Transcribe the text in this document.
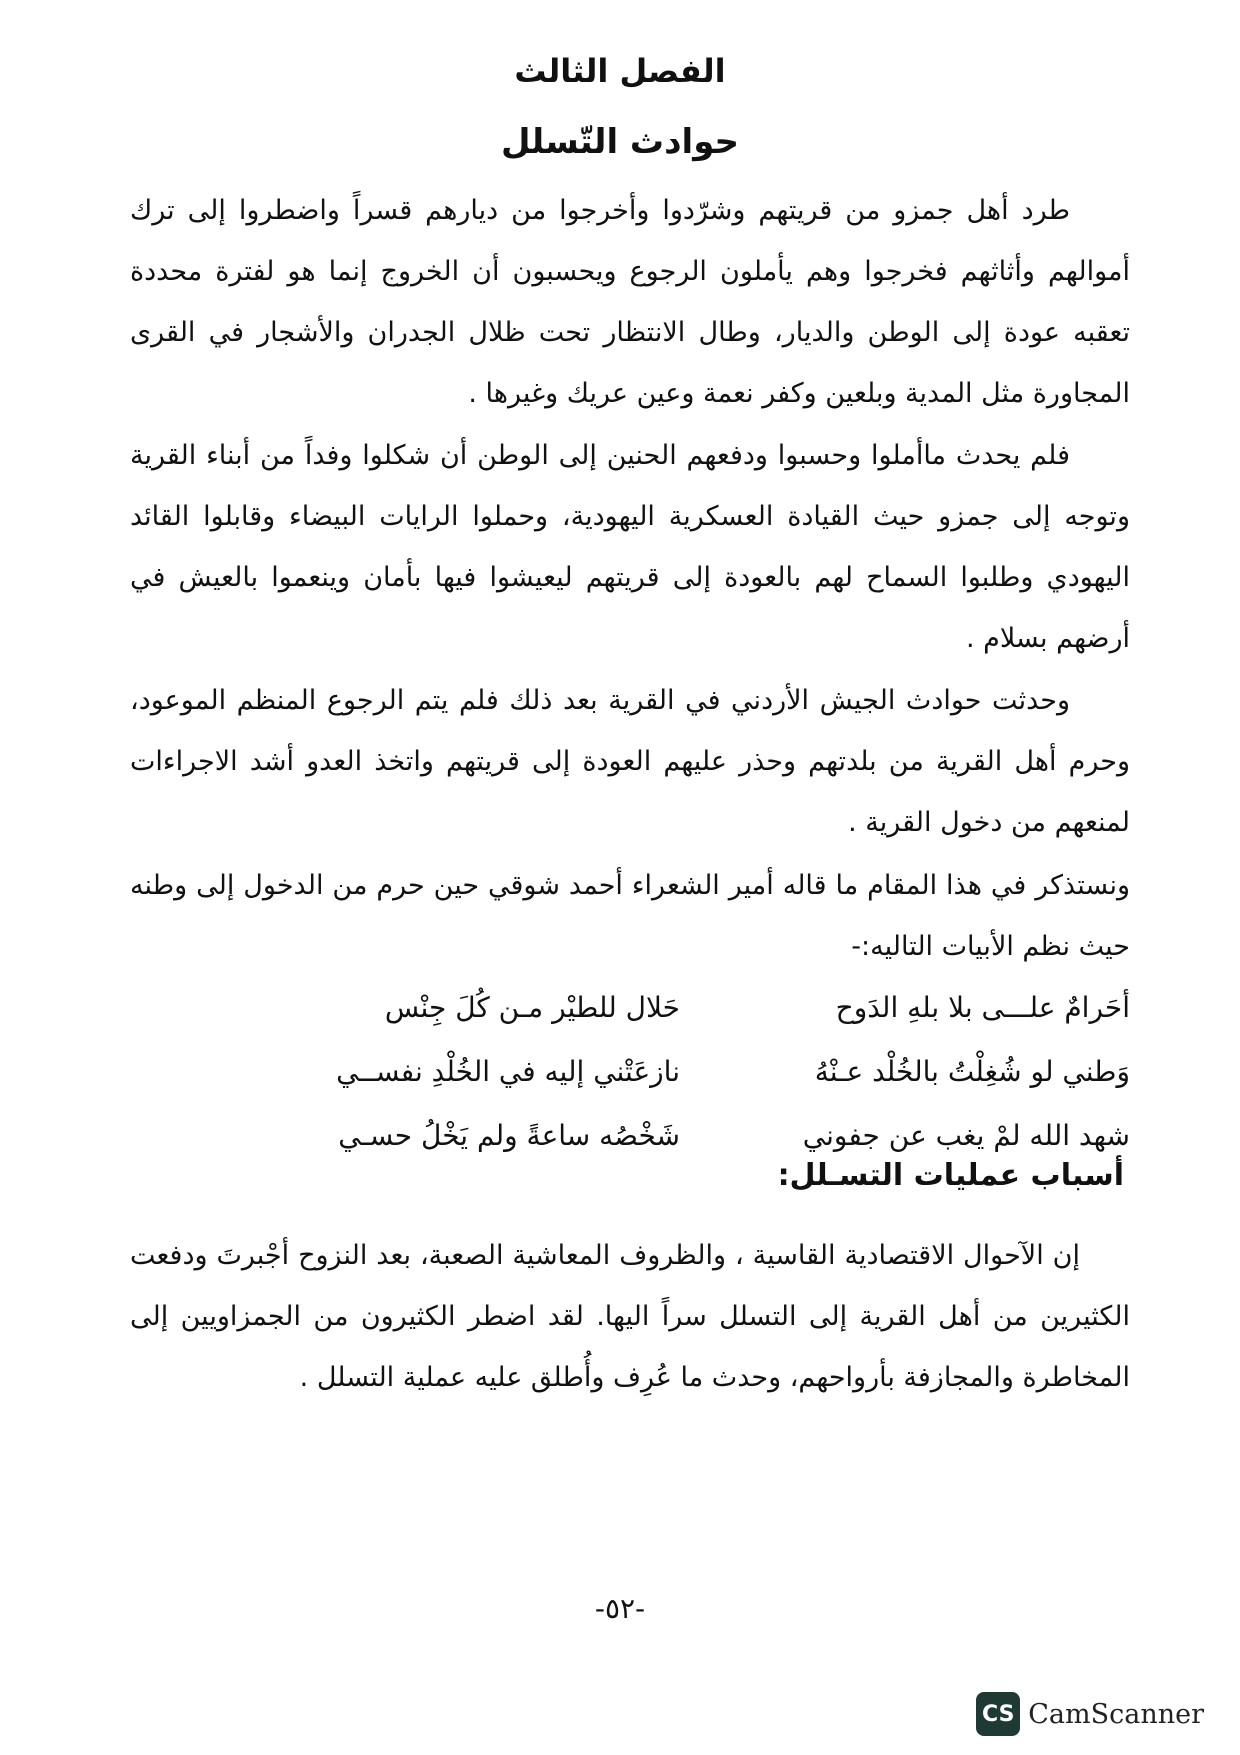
الفصل الثالث
حوادث التّسلل

طرد أهل جمزو من قريتهم وشرّدوا وأخرجوا من ديارهم قسراً واضطروا إلى ترك أموالهم وأثاثهم فخرجوا وهم يأملون الرجوع ويحسبون أن الخروج إنما هو لفترة محددة تعقبه عودة إلى الوطن والديار، وطال الانتظار تحت ظلال الجدران والأشجار في القرى المجاورة مثل المدية وبلعين وكفر نعمة وعين عريك وغيرها .

فلم يحدث ماأملوا وحسبوا ودفعهم الحنين إلى الوطن أن شكلوا وفداً من أبناء القرية وتوجه إلى جمزو حيث القيادة العسكرية اليهودية، وحملوا الرايات البيضاء وقابلوا القائد اليهودي وطلبوا السماح لهم بالعودة إلى قريتهم ليعيشوا فيها بأمان وينعموا بالعيش في أرضهم بسلام .

وحدثت حوادث الجيش الأردني في القرية بعد ذلك فلم يتم الرجوع المنظم الموعود، وحرم أهل القرية من بلدتهم وحذر عليهم العودة إلى قريتهم واتخذ العدو أشد الاجراءات لمنعهم من دخول القرية .

ونستذكر في هذا المقام ما قاله أمير الشعراء أحمد شوقي حين حرم من الدخول إلى وطنه حيث نظم الأبيات التاليه:-

أحَرامٌ علـــى بلا بلهِ الدَوح
حَلال للطيْر مـن كُلَ جِنْس
وَطني لو شُغِلْتُ بالخُلْد عـنْهُ
نازعَتْني إليه في الخُلْدِ نفســي
شهد الله لمْ يغب عن جفوني
شَخْصُه ساعةً ولم يَخْلُ حسـي
أسباب عمليات التسـلل:

إن الآحوال الاقتصادية القاسية ، والظروف المعاشية الصعبة، بعد النزوح أجْبرتَ ودفعت الكثيرين من أهل القرية إلى التسلل سراً اليها. لقد اضطر الكثيرون من الجمزاويين إلى المخاطرة والمجازفة بأرواحهم، وحدث ما عُرِف وأُطلق عليه عملية التسلل .

-٥٢-
CS CamScanner
